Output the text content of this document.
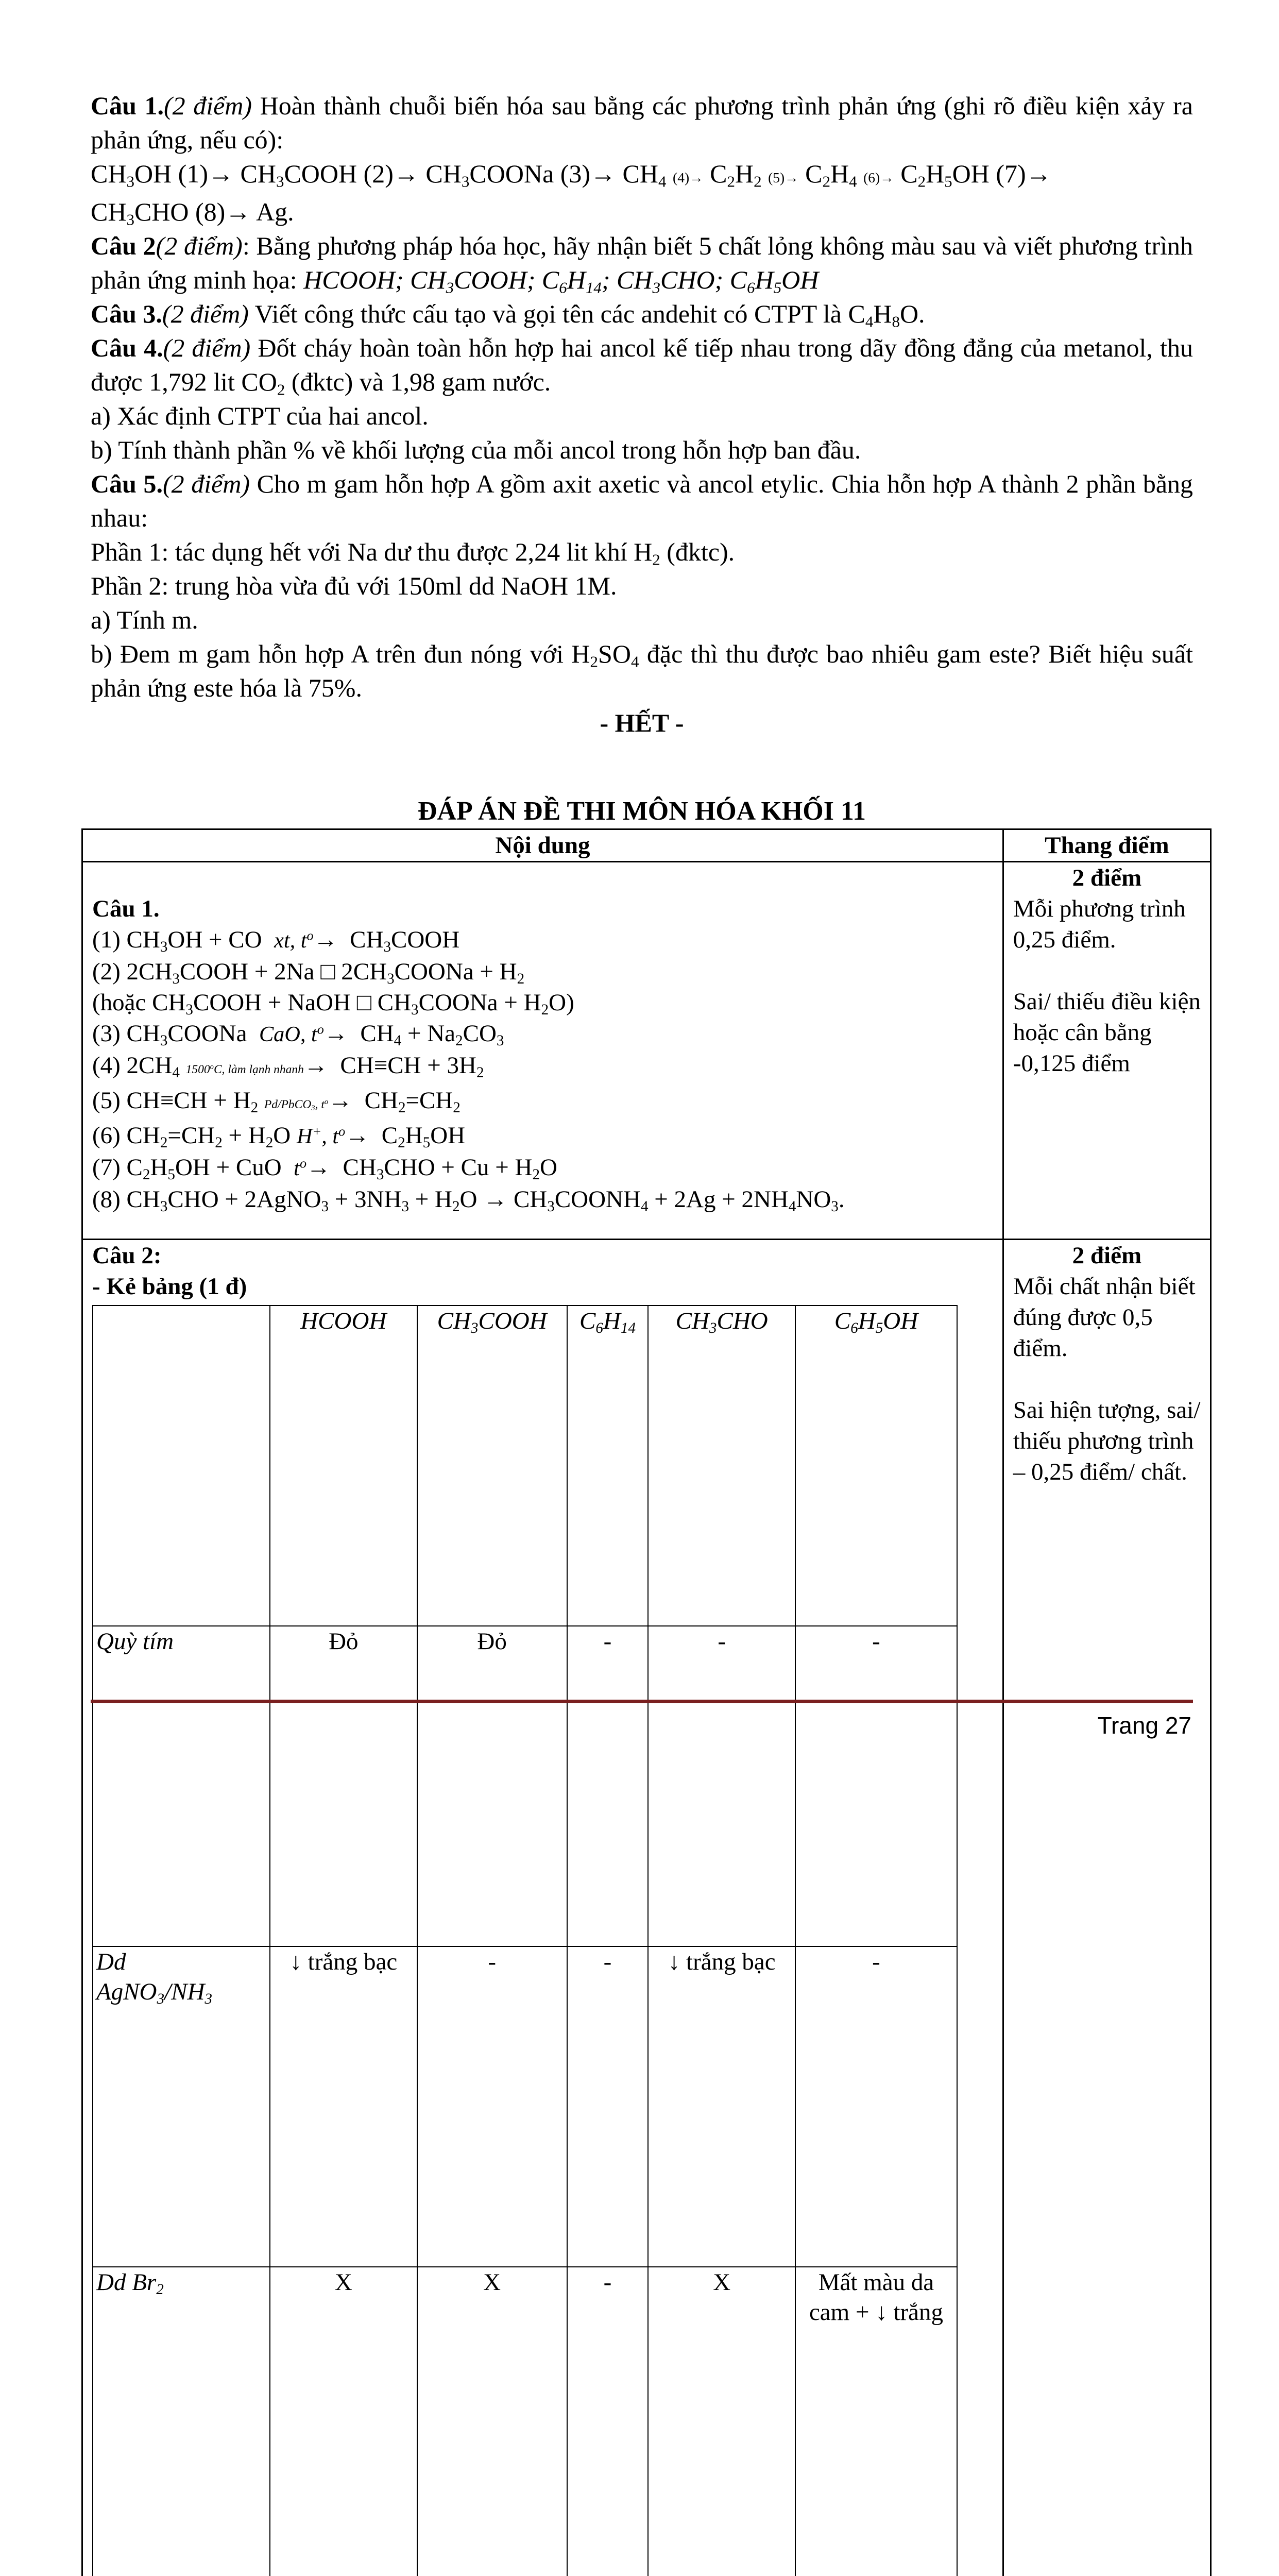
Câu 1.(2 điểm) Hoàn thành chuỗi biến hóa sau bằng các phương trình phản ứng (ghi rõ điều kiện xảy ra phản ứng, nếu có):
$CH_3OH$ $(1)\to CH_3COOH$ $(2)\to CH_3COONa$ $(3)\to CH_4$ $(4)\to C_2H_2$ $(5)\to C_2H_4$ $(6)\to C_2H_5OH$ (7)→
$CH_3CHO$ (8)→ Ag.
Câu 2(2 điểm): Bằng phương pháp hóa học, hãy nhận biết 5 chất lỏng không màu sau và viết phương trình phản ứng minh họa: HCOOH; $CH_3COOH$; $C_6H_{14}$; $CH_3CHO$; $C_6H_5OH$
Câu 3.(2 điểm) Viết công thức cấu tạo và gọi tên các andehit có CTPT là $C_4H_8O$.
Câu 4.(2 điểm) Đốt cháy hoàn toàn hỗn hợp hai ancol kế tiếp nhau trong dãy đồng đẳng của metanol, thu được 1,792 lit $CO_2$ (đktc) và 1,98 gam nước.
a) Xác định CTPT của hai ancol.
b) Tính thành phần % về khối lượng của mỗi ancol trong hỗn hợp ban đầu.
Câu 5.(2 điểm) Cho m gam hỗn hợp A gồm axit axetic và ancol etylic. Chia hỗn hợp A thành 2 phần bằng nhau:
Phần 1: tác dụng hết với Na dư thu được 2,24 lit khí $H_2$ (đktc).
Phần 2: trung hòa vừa đủ với 150ml dd NaOH 1M.
a) Tính m.
b) Đem m gam hỗn hợp A trên đun nóng với $H_2SO_4$ đặc thì thu được bao nhiêu gam este? Biết hiệu suất phản ứng este hóa là 75%.
- HẾT -
ĐÁP ÁN ĐỀ THI MÔN HÓA KHỐI 11
Nội dung	Thang điểm

Câu 1.
(1) $CH_3OH$ + CO  xt, $t^o\to$  $CH_3COOH$
(2) $2CH_3COOH + 2Na$ □ $2CH_3COONa + H_2$
(hoặc $CH_3COOH$ + NaOH □ $CH_3COONa + H_2O$)
(3) $CH_3COONa$  CaO, $t^o\to CH_4 + Na_2CO_3$
(4) $2CH_4$ 1500$^o$C, làm lạnh nhanh→  $CH\equiv CH + 3H_2$
(5) $CH\equiv CH + H_2$ Pd/PbCO$_3$, $t^o\to CH_2=CH_2$
(6) $CH_2=CH_2 + H_2O$ H+, $t^o\to C_2H_5OH$
(7) $C_2H_5OH$ + CuO  $t^o\to CH_3CHO + Cu + H_2O$
(8) $CH_3CHO$ + 2AgNO$_3$ + $3NH_3 + H_2O$ → $CH_3COONH_4 + 2Ag + 2NH_4NO_3$.

2 điểm
Mỗi phương trình 0,25 điểm.
Sai/ thiếu điều kiện hoặc cân bằng -0,125 điểm

Câu 2:
- Kẻ bảng (1 đ)
	HCOOH	$CH_3COOH$	$C_6H_{14}$	$CH_3CHO$	$C_6H_5OH$
Quỳ tím	Đỏ	Đỏ	-	-	-
Dd
$AgNO_3/NH_3$	↓ trắng bạc	-	-	↓ trắng bạc	-
Dd $Br_2$	X	X	-	X	Mất màu da cam + ↓ trắng

2 điểm
Mỗi chất nhận biết đúng được 0,5 điểm.
Sai hiện tượng, sai/ thiếu phương trình – 0,25 điểm/ chất.

Trang 27
